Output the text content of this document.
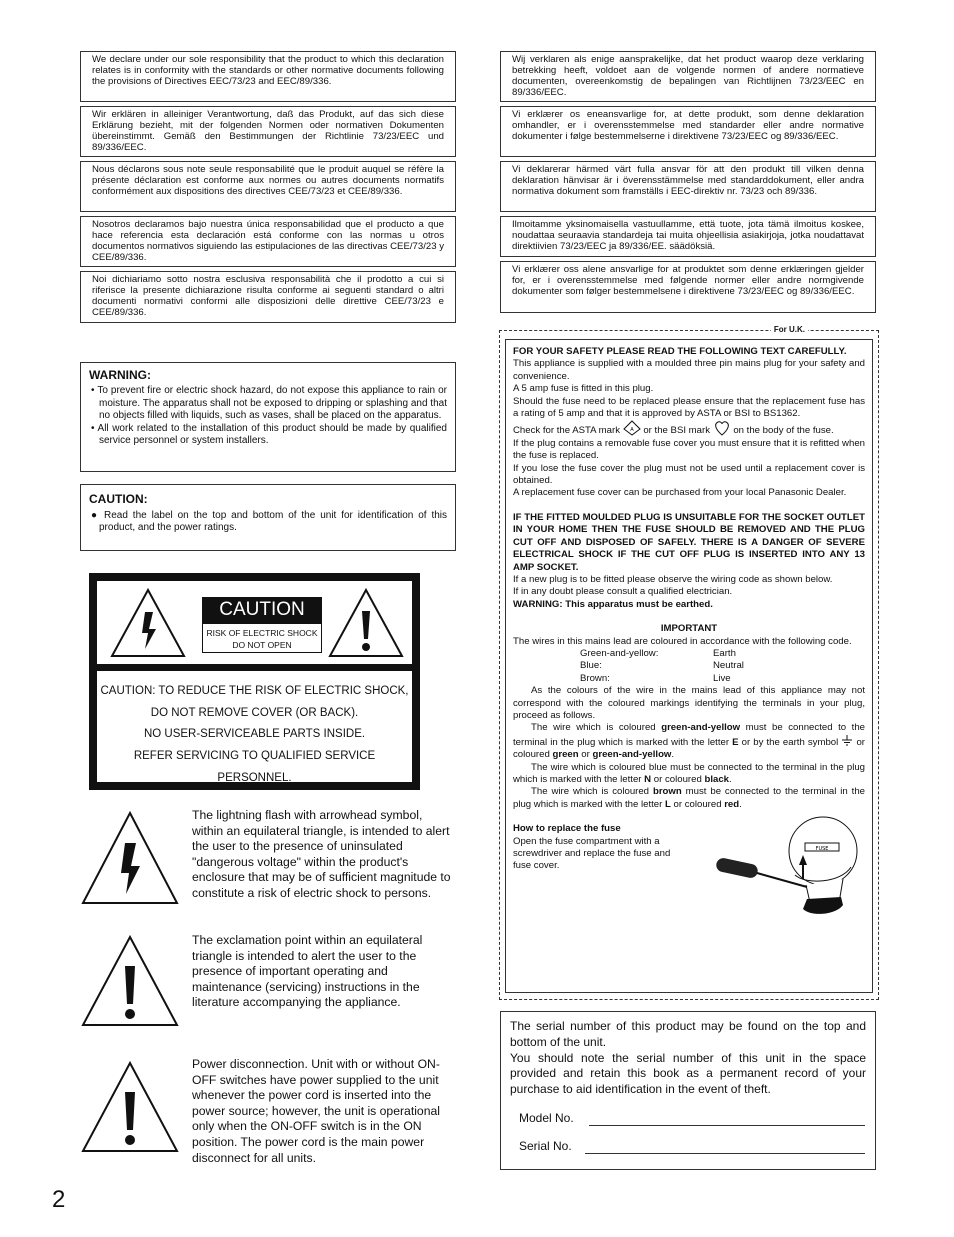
We declare under our sole responsibility that the product to which this declaration relates is in conformity with the standards or other normative documents following the provisions of Directives EEC/73/23 and EEC/89/336.
Wir erklären in alleiniger Verantwortung, daß das Produkt, auf das sich diese Erklärung bezieht, mit der folgenden Normen oder normativen Dokumenten übereinstimmt. Gemäß den Bestimmungen der Richtlinie 73/23/EEC und 89/336/EEC.
Nous déclarons sous note seule responsabilité que le produit auquel se réfère la présente déclaration est conforme aux normes ou autres documents normatifs conformément aux dispositions des directives CEE/73/23 et CEE/89/336.
Nosotros declaramos bajo nuestra única responsabilidad que el producto a que hace referencia esta declaración está conforme con las normas u otros documentos normativos siguiendo las estipulaciones de las directivas CEE/73/23 y CEE/89/336.
Noi dichiariamo sotto nostra esclusiva responsabilità che il prodotto a cui si riferisce la presente dichiarazione risulta conforme ai seguenti standard o altri documenti normativi conformi alle disposizioni delle direttive CEE/73/23 e CEE/89/336.
Wij verklaren als enige aansprakelijke, dat het product waarop deze verklaring betrekking heeft, voldoet aan de volgende normen of andere normatieve documenten, overeenkomstig de bepalingen van Richtlijnen 73/23/EEC en 89/336/EEC.
Vi erklærer os eneansvarlige for, at dette produkt, som denne deklaration omhandler, er i overensstemmelse med standarder eller andre normative dokumenter i følge bestemmelserne i direktivene 73/23/EEC og 89/336/EEC.
Vi deklarerar härmed värt fulla ansvar för att den produkt till vilken denna deklaration hänvisar är i överensstämmelse med standarddokument, eller andra normativa dokument som framställs i EEC-direktiv nr. 73/23 och 89/336.
Ilmoitamme yksinomaisella vastuullamme, että tuote, jota tämä ilmoitus koskee, noudattaa seuraavia standardeja tai muita ohjeellisia asiakirjoja, jotka noudattavat direktiivien 73/23/EEC ja 89/336/EE. säädöksiä.
Vi erklærer oss alene ansvarlige for at produktet som denne erklæringen gjelder for, er i overensstemmelse med følgende normer eller andre normgivende dokumenter som følger bestemmelsene i direktivene 73/23/EEC og 89/336/EEC.
WARNING:
• To prevent fire or electric shock hazard, do not expose this appliance to rain or moisture. The apparatus shall not be exposed to dripping or splashing and that no objects filled with liquids, such as vases, shall be placed on the apparatus.
• All work related to the installation of this product should be made by qualified service personnel or system installers.
CAUTION:
● Read the label on the top and bottom of the unit for identification of this product, and the power ratings.
CAUTION
RISK OF ELECTRIC SHOCK
DO NOT OPEN
CAUTION: TO REDUCE THE RISK OF ELECTRIC SHOCK,
DO NOT REMOVE COVER (OR BACK).
NO USER-SERVICEABLE PARTS INSIDE.
REFER SERVICING TO QUALIFIED SERVICE PERSONNEL.
The lightning flash with arrowhead symbol, within an equilateral triangle, is intended to alert the user to the presence of uninsulated "dangerous voltage" within the product's enclosure that may be of sufficient magnitude to constitute a risk of electric shock to persons.
The exclamation point within an equilateral triangle is intended to alert the user to the presence of important operating and maintenance (servicing) instructions in the literature accompanying the appliance.
Power disconnection. Unit with or without ON-OFF switches have power supplied to the unit whenever the power cord is inserted into the power source; however, the unit is operational only when the ON-OFF switch is in the ON position. The power cord is the main power disconnect for all units.
For U.K.

FOR YOUR SAFETY PLEASE READ THE FOLLOWING TEXT CAREFULLY.

This appliance is supplied with a moulded three pin mains plug for your safety and convenience.

A 5 amp fuse is fitted in this plug.

Should the fuse need to be replaced please ensure that the replacement fuse has a rating of 5 amp and that it is approved by ASTA or BSI to BS1362.

Check for the ASTA mark A or the BSI mark on the body of the fuse.

If the plug contains a removable fuse cover you must ensure that it is refitted when the fuse is replaced.

If you lose the fuse cover the plug must not be used until a replacement cover is obtained.

A replacement fuse cover can be purchased from your local Panasonic Dealer.

IF THE FITTED MOULDED PLUG IS UNSUITABLE FOR THE SOCKET OUTLET IN YOUR HOME THEN THE FUSE SHOULD BE REMOVED AND THE PLUG CUT OFF AND DISPOSED OF SAFELY. THERE IS A DANGER OF SEVERE ELECTRICAL SHOCK IF THE CUT OFF PLUG IS INSERTED INTO ANY 13 AMP SOCKET.

If a new plug is to be fitted please observe the wiring code as shown below.

If in any doubt please consult a qualified electrician.

WARNING: This apparatus must be earthed.

IMPORTANT

The wires in this mains lead are coloured in accordance with the following code.

Green-and-yellow:	Earth
Blue:	Neutral
Brown:	Live

As the colours of the wire in the mains lead of this appliance may not correspond with the coloured markings identifying the terminals in your plug, proceed as follows.

The wire which is coloured green-and-yellow must be connected to the terminal in the plug which is marked with the letter E or by the earth symbol or coloured green or green-and-yellow.

The wire which is coloured blue must be connected to the terminal in the plug which is marked with the letter N or coloured black.

The wire which is coloured brown must be connected to the terminal in the plug which is marked with the letter L or coloured red.

How to replace the fuse

Open the fuse compartment with a screwdriver and replace the fuse and fuse cover.

FUSE

The serial number of this product may be found on the top and bottom of the unit.

You should note the serial number of this unit in the space provided and retain this book as a permanent record of your purchase to aid identification in the event of theft.

Model No.
Serial No.
2
